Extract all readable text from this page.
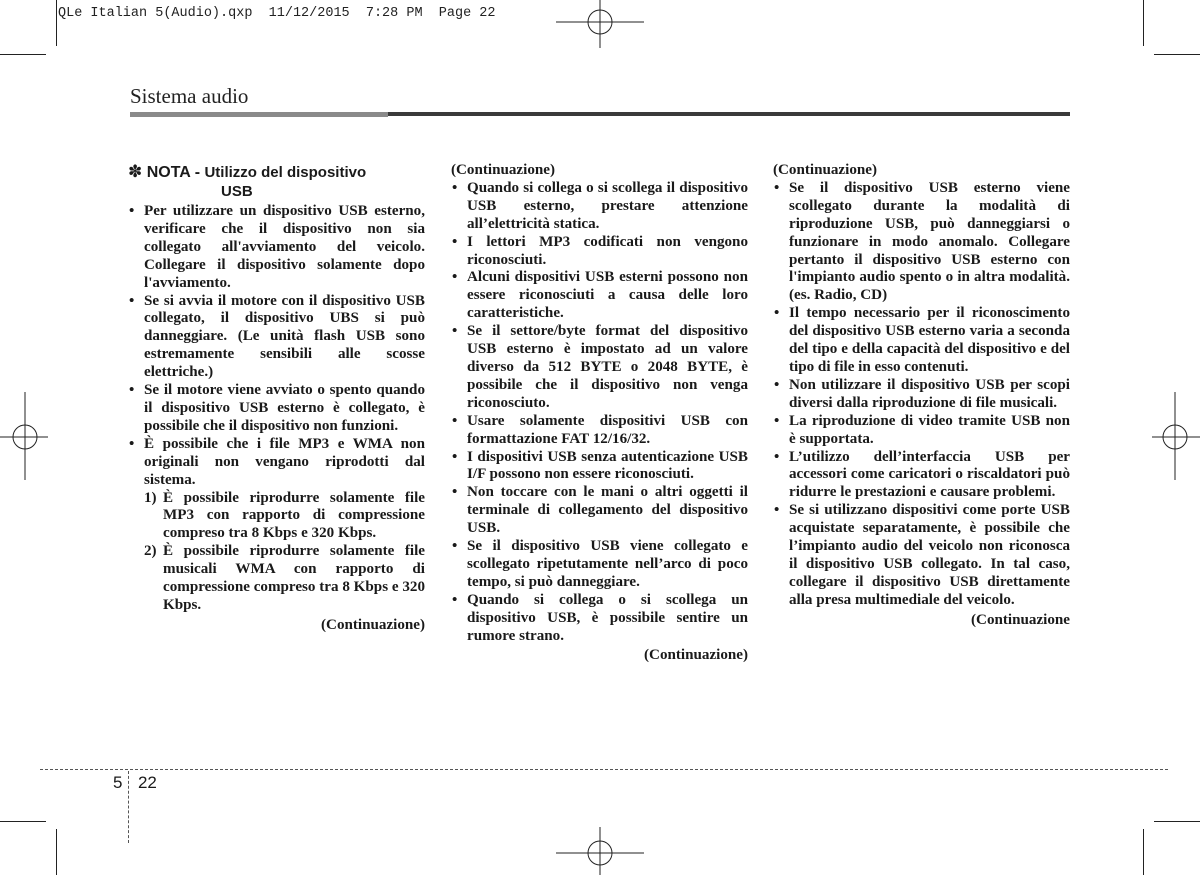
QLe Italian 5(Audio).qxp  11/12/2015  7:28 PM  Page 22
Sistema audio
✽ NOTA - Utilizzo del dispositivo
USB
• Per utilizzare un dispositivo USB esterno, verificare che il dispositivo non sia collegato all'avviamento del veicolo. Collegare il dispositivo solamente dopo l'avviamento.
• Se si avvia il motore con il dispositivo USB collegato, il dispositivo UBS si può danneggiare. (Le unità flash USB sono estremamente sensibili alle scosse elettriche.)
• Se il motore viene avviato o spento quando il dispositivo USB esterno è collegato, è possibile che il dispositivo non funzioni.
• È possibile che i file MP3 e WMA non originali non vengano riprodotti dal sistema.
1) È possibile riprodurre solamente file MP3 con rapporto di compressione compreso tra 8 Kbps e 320 Kbps.
2) È possibile riprodurre solamente file musicali WMA con rapporto di compressione compreso tra 8 Kbps e 320 Kbps.
(Continuazione)
(Continuazione)
• Quando si collega o si scollega il dispositivo USB esterno, prestare attenzione all’elettricità statica.
• I lettori MP3 codificati non vengono riconosciuti.
• Alcuni dispositivi USB esterni possono non essere riconosciuti a causa delle loro caratteristiche.
• Se il settore/byte format del dispositivo USB esterno è impostato ad un valore diverso da 512 BYTE o 2048 BYTE, è possibile che il dispositivo non venga riconosciuto.
• Usare solamente dispositivi USB con formattazione FAT 12/16/32.
• I dispositivi USB senza autenticazione USB I/F possono non essere riconosciuti.
• Non toccare con le mani o altri oggetti il terminale di collegamento del dispositivo USB.
• Se il dispositivo USB viene collegato e scollegato ripetutamente nell’arco di poco tempo, si può danneggiare.
• Quando si collega o si scollega un dispositivo USB, è possibile sentire un rumore strano.
(Continuazione)
(Continuazione)
• Se il dispositivo USB esterno viene scollegato durante la modalità di riproduzione USB, può danneggiarsi o funzionare in modo anomalo. Collegare pertanto il dispositivo USB esterno con l'impianto audio spento o in altra modalità. (es. Radio, CD)
• Il tempo necessario per il riconoscimento del dispositivo USB esterno varia a seconda del tipo e della capacità del dispositivo e del tipo di file in esso contenuti.
• Non utilizzare il dispositivo USB per scopi diversi dalla riproduzione di file musicali.
• La riproduzione di video tramite USB non è supportata.
• L’utilizzo dell’interfaccia USB per accessori come caricatori o riscaldatori può ridurre le prestazioni e causare problemi.
• Se si utilizzano dispositivi come porte USB acquistate separatamente, è possibile che l’impianto audio del veicolo non riconosca il dispositivo USB collegato. In tal caso, collegare il dispositivo USB direttamente alla presa multimediale del veicolo.
(Continuazione
5 22
